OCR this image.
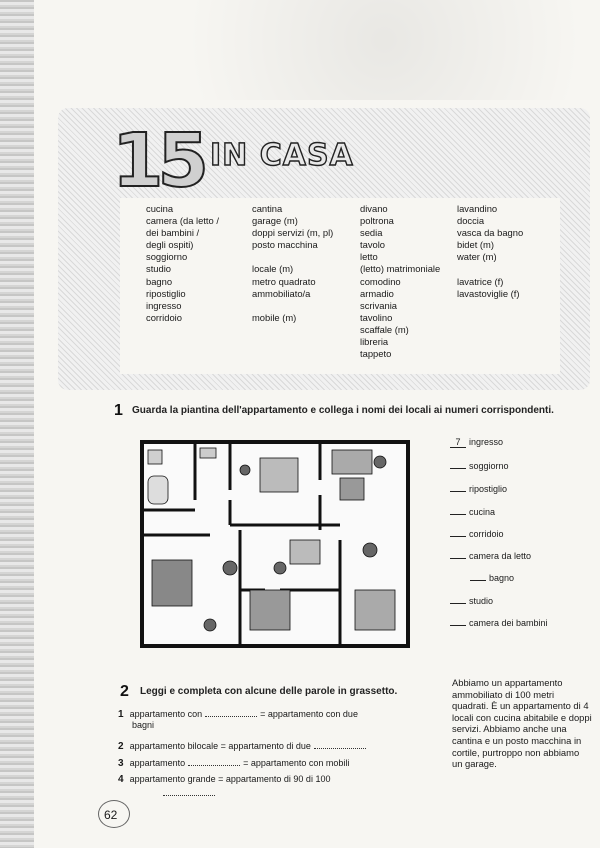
15 IN CASA
cucina
camera (da letto /
dei bambini /
degli ospiti)
soggiorno
studio
bagno
ripostiglio
ingresso
corridoio
cantina
garage (m)
doppi servizi (m, pl)
posto macchina
locale (m)
metro quadrato
ammobiliato/a
mobile (m)
divano
poltrona
sedia
tavolo
letto
(letto) matrimoniale
comodino
armadio
scrivania
tavolino
scaffale (m)
libreria
tappeto
lavandino
doccia
vasca da bagno
bidet (m)
water (m)
lavatrice (f)
lavastoviglie (f)
1 Guarda la piantina dell'appartamento e collega i nomi dei locali ai numeri corrispondenti.
7 ingresso
soggiorno
ripostiglio
cucina
corridoio
camera da letto
bagno
studio
camera dei bambini
2 Leggi e completa con alcune delle parole in grassetto.
1 appartamento con	= appartamento con due
bagni
2 appartamento bilocale = appartamento di due
3 appartamento	= appartamento con mobili
4 appartamento grande = appartamento di 90 di 100
Abbiamo un appartamento ammobiliato di 100 metri quadrati. È un appartamento di 4 locali con cucina abitabile e doppi servizi. Abbiamo anche una cantina e un posto macchina in cortile, purtroppo non abbiamo un garage.
62
